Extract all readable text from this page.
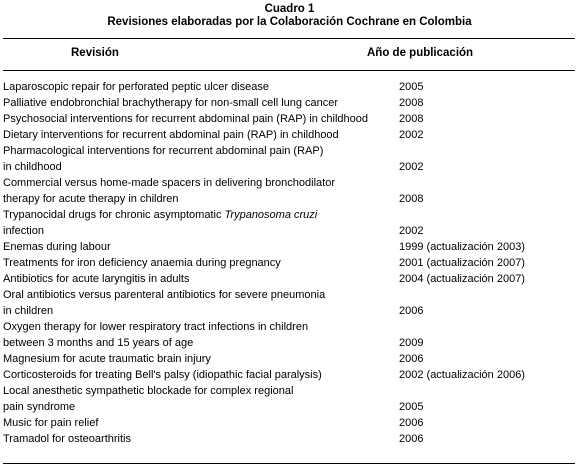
Cuadro 1
Revisiones elaboradas por la Colaboración Cochrane en Colombia
Revisión	Año de publicación
Laparoscopic repair for perforated peptic ulcer disease	2005
Palliative endobronchial brachytherapy for non-small cell lung cancer	2008
Psychosocial interventions for recurrent abdominal pain (RAP) in childhood	2008
Dietary interventions for recurrent abdominal pain (RAP) in childhood	2002
Pharmacological interventions for recurrent abdominal pain (RAP)
in childhood	2002
Commercial versus home-made spacers in delivering bronchodilator
therapy for acute therapy in children	2008
Trypanocidal drugs for chronic asymptomatic Trypanosoma cruzi
infection	2002
Enemas during labour	1999 (actualización 2003)
Treatments for iron deficiency anaemia during pregnancy	2001 (actualización 2007)
Antibiotics for acute laryngitis in adults	2004 (actualización 2007)
Oral antibiotics versus parenteral antibiotics for severe pneumonia
in children	2006
Oxygen therapy for lower respiratory tract infections in children
between 3 months and 15 years of age	2009
Magnesium for acute traumatic brain injury	2006
Corticosteroids for treating Bell's palsy (idiopathic facial paralysis)	2002 (actualización 2006)
Local anesthetic sympathetic blockade for complex regional
pain syndrome	2005
Music for pain relief	2006
Tramadol for osteoarthritis	2006
